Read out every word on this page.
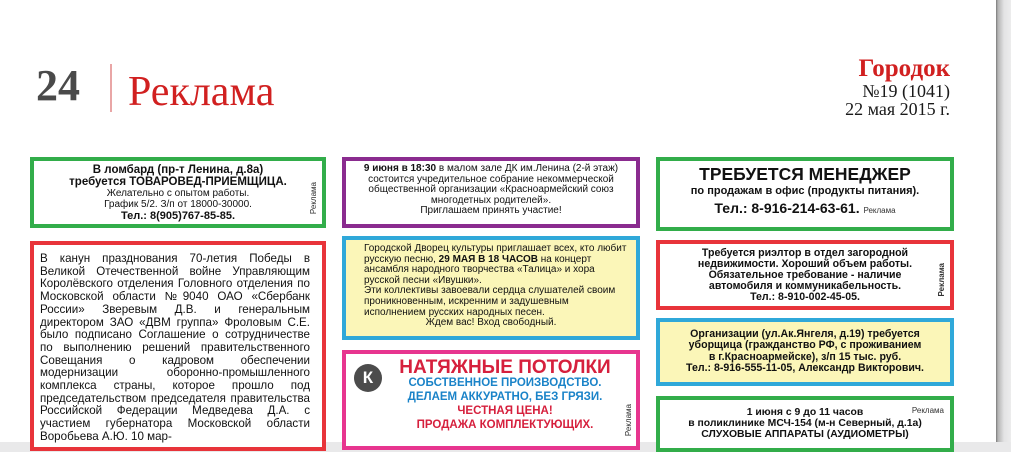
24 Реклама
Городок
№19 (1041)
22 мая 2015 г.

В ломбард (пр-т Ленина, д.8а)

требуется ТОВАРОВЕД-ПРИЕМЩИЦА.

Желательно с опытом работы.

График 5/2. З/п от 18000-30000.

Тел.: 8(905)767-85-85.

Реклама

В канун празднования 70-летия Победы в Великой Отечественной войне Управляющим Королёвского отделения Головного отделения по Московской области №9040 ОАО «Сбербанк России» Зверевым Д.В. и генеральным директором ЗАО «ДВМ группа» Фроловым С.Е. было подписано Соглашение о сотрудничестве по выполнению решений правительственного Совещания о кадровом обеспечении модернизации оборонно-промышленного комплекса страны, которое прошло под председательством председателя правительства Российской Федерации Медведева Д.А. с участием губернатора Московской области Воробьева А.Ю. 10 мар-

9 июня в 18:30 в малом зале ДК им.Ленина (2-й этаж) состоится учредительное собрание некоммерческой общественной организации «Красноармейский союз многодетных родителей».

Приглашаем принять участие!

Городской Дворец культуры приглашает всех, кто любит русскую песню, 29 МАЯ В 18 ЧАСОВ на концерт ансамбля народного творчества «Талица» и хора русской песни «Ивушки».

Эти коллективы завоевали сердца слушателей своим проникновенным, искренним и задушевным исполнением русских народных песен.

Ждем вас! Вход свободный.

К	НАТЯЖНЫЕ ПОТОЛКИ

СОБСТВЕННОЕ ПРОИЗВОДСТВО.

ДЕЛАЕМ АККУРАТНО, БЕЗ ГРЯЗИ.

ЧЕСТНАЯ ЦЕНА!

ПРОДАЖА КОМПЛЕКТУЮЩИХ.	Реклама

ТРЕБУЕТСЯ МЕНЕДЖЕР

по продажам в офис (продукты питания).

Тел.: 8-916-214-63-61. Реклама

Требуется риэлтор в отдел загородной

недвижимости. Хороший объем работы.

Обязательное требование - наличие

автомобиля и коммуникабельность.

Тел.: 8-910-002-45-05.

Реклама

Организации (ул.Ак.Янгеля, д.19) требуется

уборщица (гражданство РФ, с проживанием

в г.Красноармейске), з/п 15 тыс. руб.

Тел.: 8-916-555-11-05, Александр Викторович.

Реклама

1 июня с 9 до 11 часов

в поликлинике МСЧ-154 (м-н Северный, д.1а)

СЛУХОВЫЕ АППАРАТЫ (АУДИОМЕТРЫ)
